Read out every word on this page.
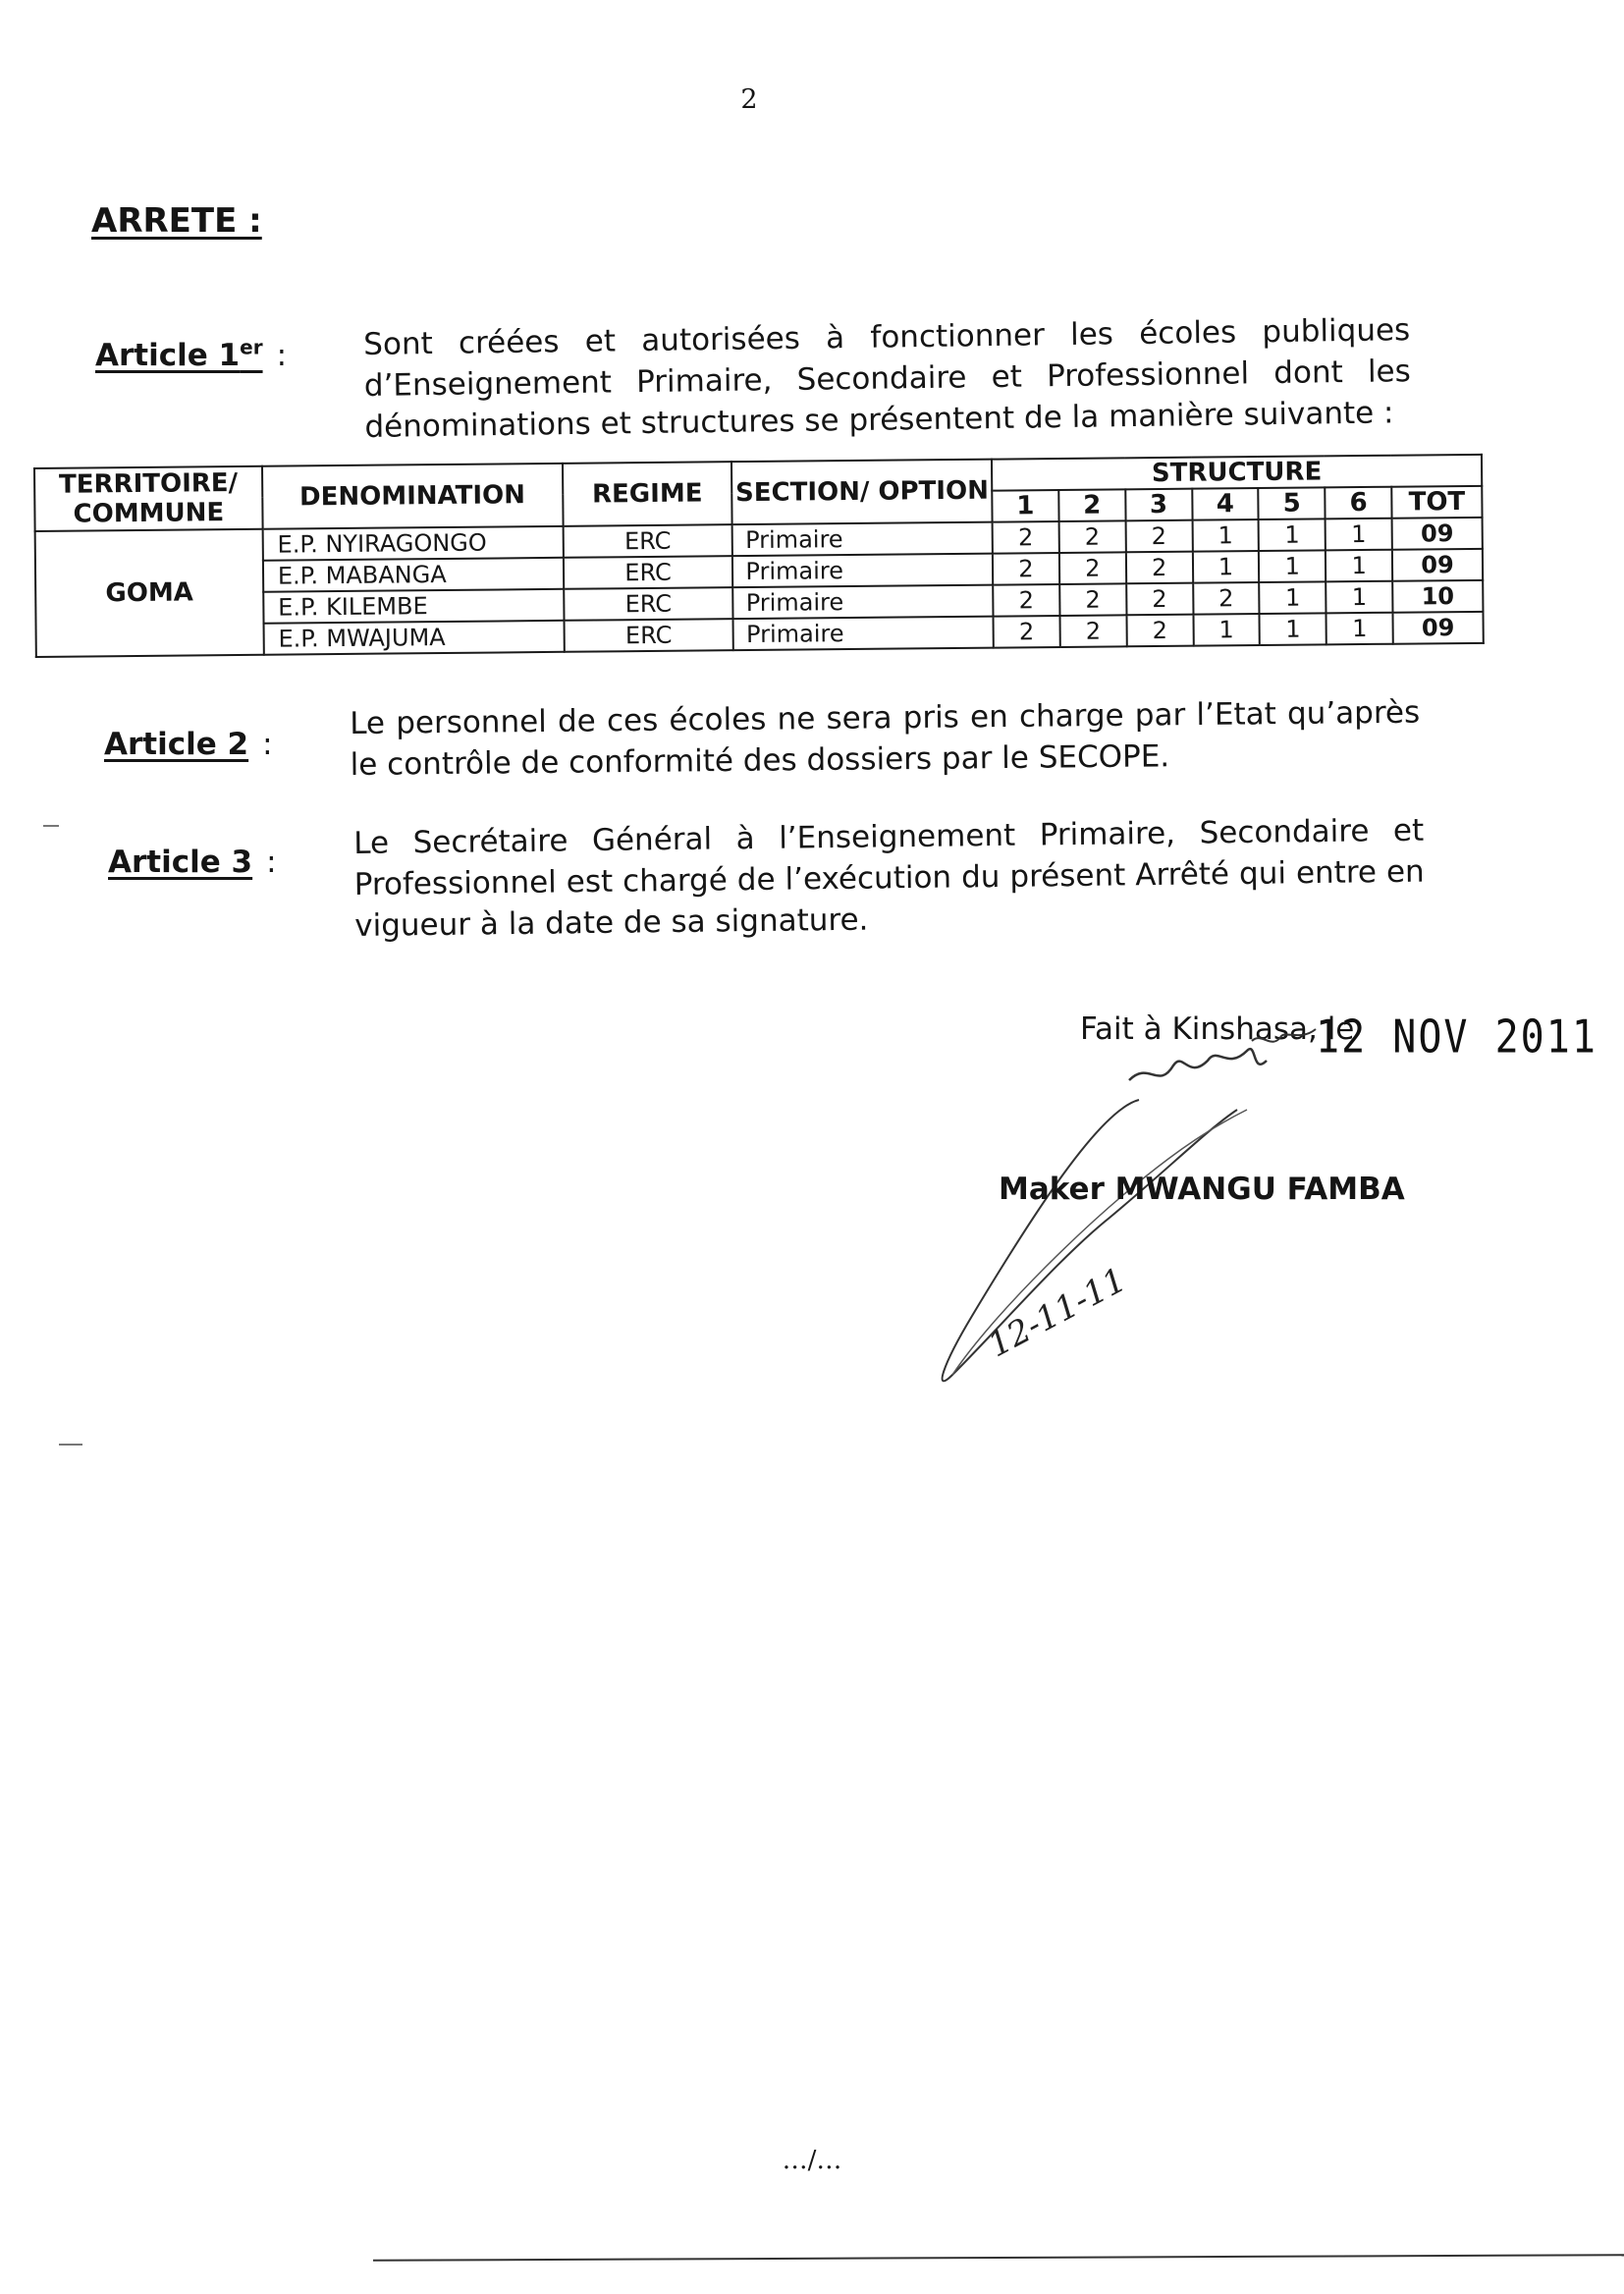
2
ARRETE :
Article 1er :	Sont créées et autorisées à fonctionner les écoles publiques d’Enseignement Primaire, Secondaire et Professionnel dont les dénominations et structures se présentent de la manière suivante :
TERRITOIRE/ COMMUNE	DENOMINATION	REGIME	SECTION/ OPTION	STRUCTURE						
				1	2	3	4	5	6	TOT
GOMA	E.P. NYIRAGONGO	ERC	Primaire	2	2	2	1	1	1	09
	E.P. MABANGA	ERC	Primaire	2	2	2	1	1	1	09
	E.P. KILEMBE	ERC	Primaire	2	2	2	2	1	1	10
	E.P. MWAJUMA	ERC	Primaire	2	2	2	1	1	1	09
Article 2 :
Le personnel de ces écoles ne sera pris en charge par l’Etat qu’après le contrôle de conformité des dossiers par le SECOPE.
Article 3 :
Le Secrétaire Général à l’Enseignement Primaire, Secondaire et Professionnel est chargé de l’exécution du présent Arrêté qui entre en vigueur à la date de sa signature.
Fait à Kinshasa, le
12 NOV 2011
Maker MWANGU FAMBA
12-11-11
…/…
